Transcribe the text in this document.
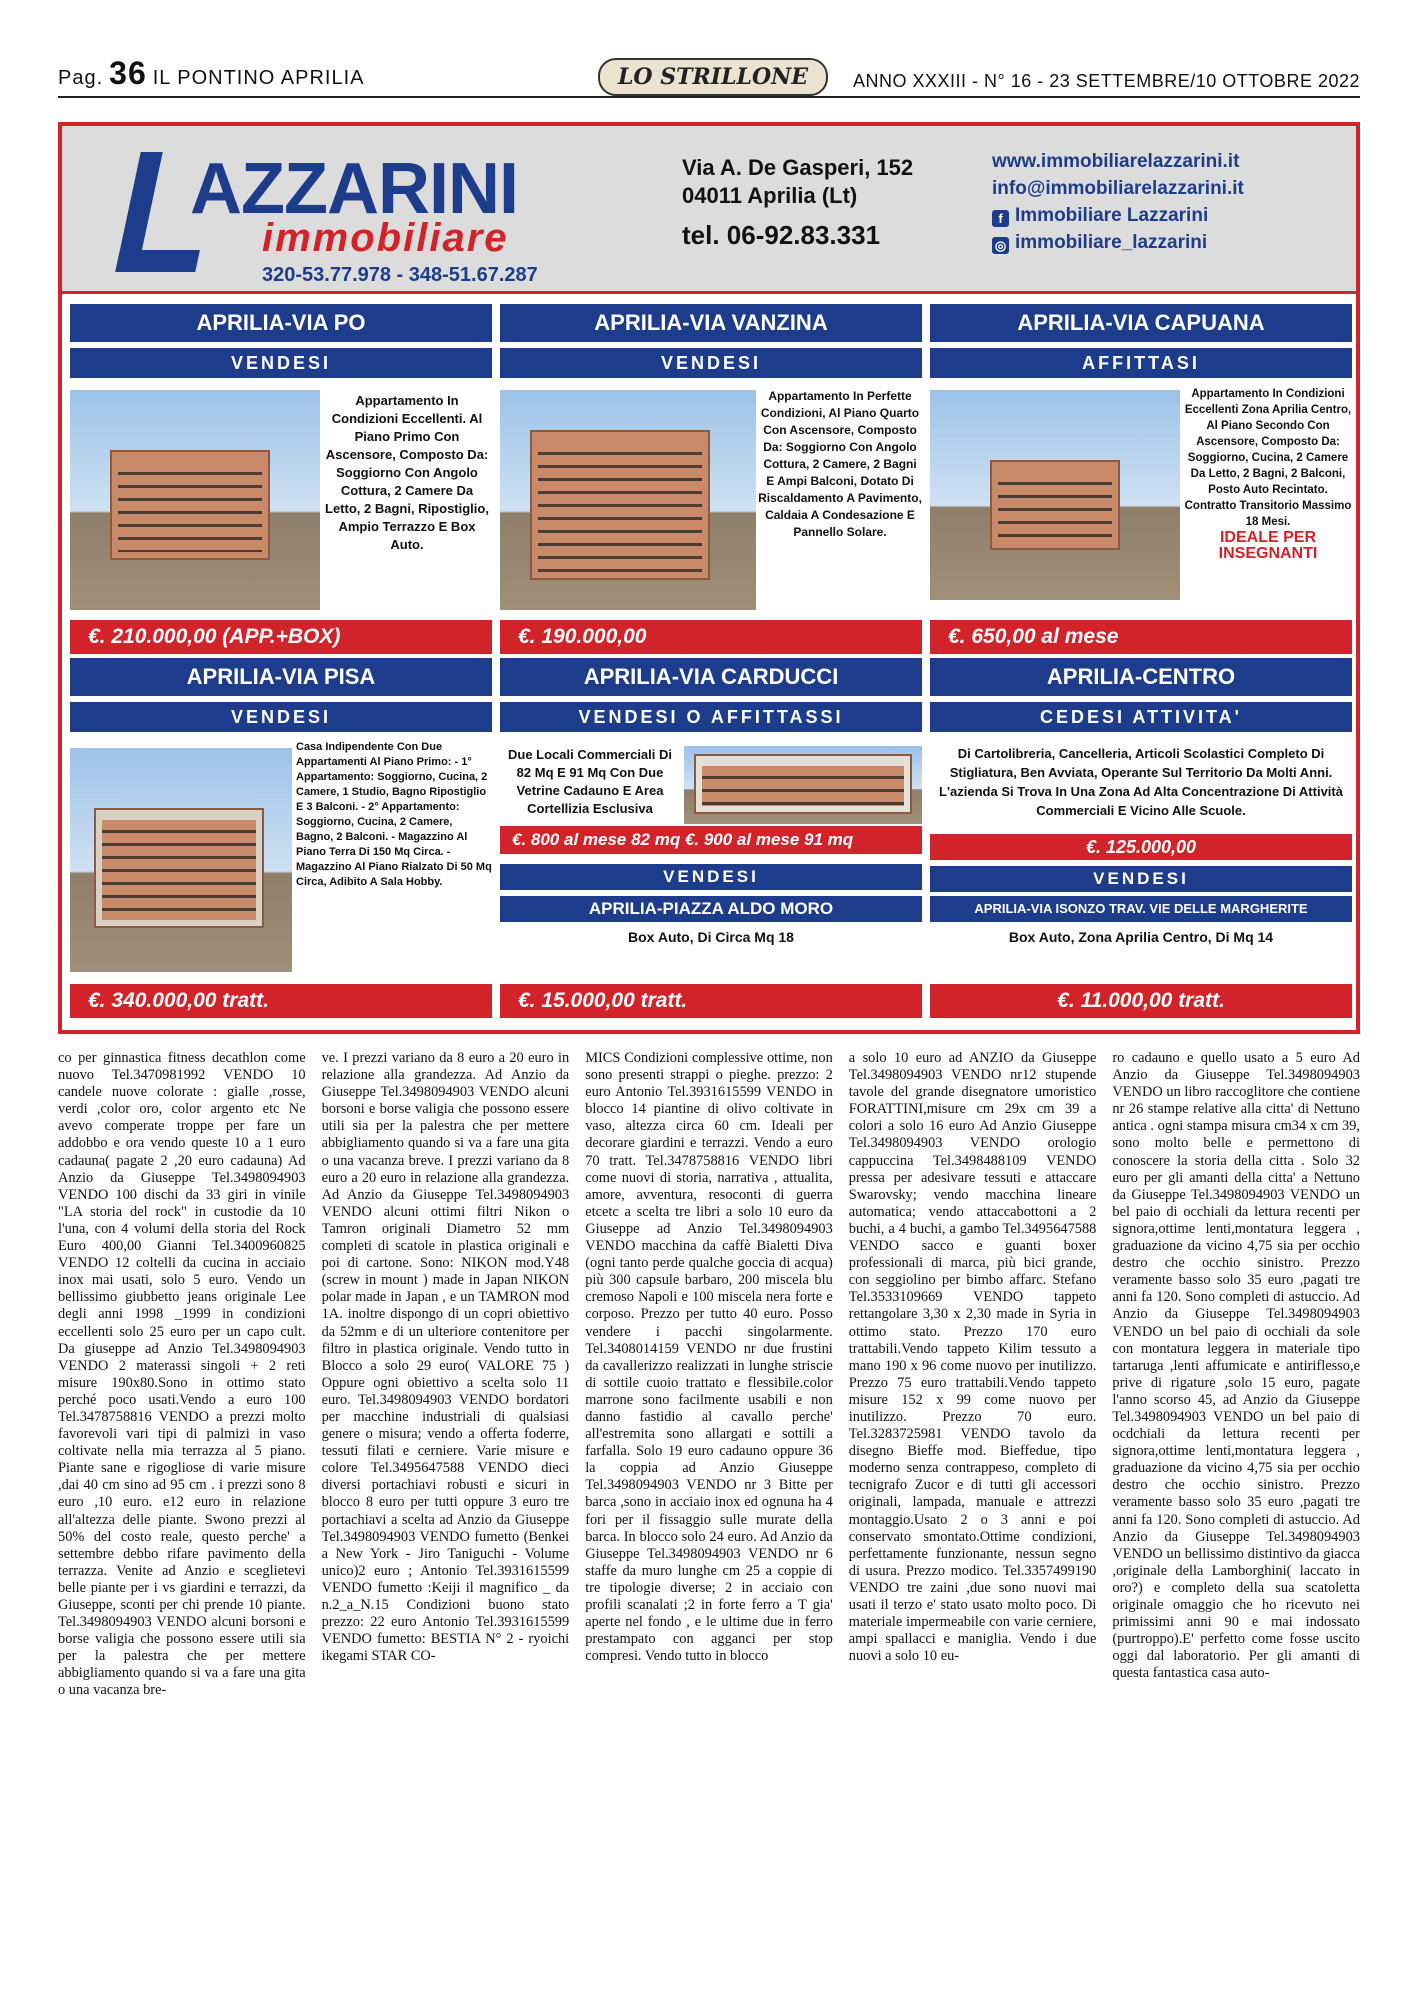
Pag. 36 IL PONTINO APRILIA	LO STRILLONE	ANNO XXXIII - N° 16 - 23 SETTEMBRE/10 OTTOBRE 2022
AZZARINI
immobiliare
320-53.77.978 - 348-51.67.287
Via A. De Gasperi, 152
04011 Aprilia (Lt)
tel. 06-92.83.331
www.immobiliarelazzarini.it
info@immobiliarelazzarini.it
f Immobiliare Lazzarini
◎ immobiliare_lazzarini
APRILIA-VIA PO
VENDESI
Appartamento In Condizioni Eccellenti. Al Piano Primo Con Ascensore, Composto Da: Soggiorno Con Angolo Cottura, 2 Camere Da Letto, 2 Bagni, Ripostiglio, Ampio Terrazzo E Box Auto.
€. 210.000,00 (APP.+BOX)
APRILIA-VIA VANZINA
VENDESI
Appartamento In Perfette Condizioni, Al Piano Quarto Con Ascensore, Composto Da: Soggiorno Con Angolo Cottura, 2 Camere, 2 Bagni E Ampi Balconi, Dotato Di Riscaldamento A Pavimento, Caldaia A Condesazione E Pannello Solare.
€. 190.000,00
APRILIA-VIA CAPUANA
AFFITTASI
Appartamento In Condizioni Eccellenti Zona Aprilia Centro, Al Piano Secondo Con Ascensore, Composto Da: Soggiorno, Cucina, 2 Camere Da Letto, 2 Bagni, 2 Balconi, Posto Auto Recintato. Contratto Transitorio Massimo 18 Mesi.
IDEALE PER INSEGNANTI
€. 650,00 al mese
APRILIA-VIA PISA
VENDESI
Casa Indipendente Con Due Appartamenti Al Piano Primo: - 1° Appartamento: Soggiorno, Cucina, 2 Camere, 1 Studio, Bagno Ripostiglio E 3 Balconi. - 2° Appartamento: Soggiorno, Cucina, 2 Camere, Bagno, 2 Balconi. - Magazzino Al Piano Terra Di 150 Mq Circa. - Magazzino Al Piano Rialzato Di 50 Mq Circa, Adibito A Sala Hobby.
€. 340.000,00 tratt.
APRILIA-VIA CARDUCCI
VENDESI O AFFITTASSI
Due Locali Commerciali Di 82 Mq E 91 Mq Con Due Vetrine Cadauno E Area Cortellizia Esclusiva
€. 800 al mese 82 mq €. 900 al mese 91 mq
VENDESI
APRILIA-PIAZZA ALDO MORO
Box Auto, Di Circa Mq 18
€. 15.000,00 tratt.
APRILIA-CENTRO
CEDESI ATTIVITA'
Di Cartolibreria, Cancelleria, Articoli Scolastici Completo Di Stigliatura, Ben Avviata, Operante Sul Territorio Da Molti Anni. L'azienda Si Trova In Una Zona Ad Alta Concentrazione Di Attività Commerciali E Vicino Alle Scuole.
€. 125.000,00
VENDESI
APRILIA-VIA ISONZO TRAV. VIE DELLE MARGHERITE
Box Auto, Zona Aprilia Centro, Di Mq 14
€. 11.000,00 tratt.

co per ginnastica fitness decathlon come nuovo Tel.3470981992 VENDO 10 candele nuove colorate : gialle ,rosse, verdi ,color oro, color argento etc Ne avevo comperate troppe per fare un addobbo e ora vendo queste 10 a 1 euro cadauna( pagate 2 ,20 euro cadauna) Ad Anzio da Giuseppe Tel.3498094903 VENDO 100 dischi da 33 giri in vinile "LA storia del rock" in custodie da 10 l'una, con 4 volumi della storia del Rock Euro 400,00 Gianni Tel.3400960825 VENDO 12 coltelli da cucina in acciaio inox mai usati, solo 5 euro. Vendo un bellissimo giubbetto jeans originale Lee degli anni 1998 _1999 in condizioni eccellenti solo 25 euro per un capo cult. Da giuseppe ad Anzio Tel.3498094903 VENDO 2 materassi singoli + 2 reti misure 190x80.Sono in ottimo stato perché poco usati.Vendo a euro 100 Tel.3478758816 VENDO a prezzi molto favorevoli vari tipi di palmizi in vaso coltivate nella mia terrazza al 5 piano. Piante sane e rigogliose di varie misure ,dai 40 cm sino ad 95 cm . i prezzi sono 8 euro ,10 euro. e12 euro in relazione all'altezza delle piante. Swono prezzi al 50% del costo reale, questo perche' a settembre debbo rifare pavimento della terrazza. Venite ad Anzio e sceglietevi belle piante per i vs giardini e terrazzi, da Giuseppe, sconti per chi prende 10 piante. Tel.3498094903 VENDO alcuni borsoni e borse valigia che possono essere utili sia per la palestra che per mettere abbigliamento quando si va a fare una gita o una vacanza bre-

ve. I prezzi variano da 8 euro a 20 euro in relazione alla grandezza. Ad Anzio da Giuseppe Tel.3498094903 VENDO alcuni borsoni e borse valigia che possono essere utili sia per la palestra che per mettere abbigliamento quando si va a fare una gita o una vacanza breve. I prezzi variano da 8 euro a 20 euro in relazione alla grandezza. Ad Anzio da Giuseppe Tel.3498094903 VENDO alcuni ottimi filtri Nikon o Tamron originali Diametro 52 mm completi di scatole in plastica originali e poi di cartone. Sono: NIKON mod.Y48 (screw in mount ) made in Japan NIKON polar made in Japan , e un TAMRON mod 1A. inoltre dispongo di un copri obiettivo da 52mm e di un ulteriore contenitore per filtro in plastica originale. Vendo tutto in Blocco a solo 29 euro( VALORE 75 ) Oppure ogni obiettivo a scelta solo 11 euro. Tel.3498094903 VENDO bordatori per macchine industriali di qualsiasi genere o misura; vendo a offerta foderre, tessuti filati e cerniere. Varie misure e colore Tel.3495647588 VENDO dieci diversi portachiavi robusti e sicuri in blocco 8 euro per tutti oppure 3 euro tre portachiavi a scelta ad Anzio da Giuseppe Tel.3498094903 VENDO fumetto (Benkei a New York - Jiro Taniguchi - Volume unico)2 euro ; Antonio Tel.3931615599 VENDO fumetto :Keiji il magnifico _ da n.2_a_N.15 Condizioni buono stato prezzo: 22 euro Antonio Tel.3931615599 VENDO fumetto: BESTIA N° 2 - ryoichi ikegami STAR CO-

MICS Condizioni complessive ottime, non sono presenti strappi o pieghe. prezzo: 2 euro Antonio Tel.3931615599 VENDO in blocco 14 piantine di olivo coltivate in vaso, altezza circa 60 cm. Ideali per decorare giardini e terrazzi. Vendo a euro 70 tratt. Tel.3478758816 VENDO libri come nuovi di storia, narrativa , attualita, amore, avventura, resoconti di guerra etcetc a scelta tre libri a solo 10 euro da Giuseppe ad Anzio Tel.3498094903 VENDO macchina da caffè Bialetti Diva (ogni tanto perde qualche goccia di acqua) più 300 capsule barbaro, 200 miscela blu cremoso Napoli e 100 miscela nera forte e corposo. Prezzo per tutto 40 euro. Posso vendere i pacchi singolarmente. Tel.3408014159 VENDO nr due frustini da cavallerizzo realizzati in lunghe striscie di sottile cuoio trattato e flessibile.color marrone sono facilmente usabili e non danno fastidio al cavallo perche' all'estremita sono allargati e sottili a farfalla. Solo 19 euro cadauno oppure 36 la coppia ad Anzio Giuseppe Tel.3498094903 VENDO nr 3 Bitte per barca ,sono in acciaio inox ed ognuna ha 4 fori per il fissaggio sulle murate della barca. In blocco solo 24 euro. Ad Anzio da Giuseppe Tel.3498094903 VENDO nr 6 staffe da muro lunghe cm 25 a coppie di tre tipologie diverse; 2 in acciaio con profili scanalati ;2 in forte ferro a T gia' aperte nel fondo , e le ultime due in ferro prestampato con agganci per stop compresi. Vendo tutto in blocco

a solo 10 euro ad ANZIO da Giuseppe Tel.3498094903 VENDO nr12 stupende tavole del grande disegnatore umoristico FORATTINI,misure cm 29x cm 39 a colori a solo 16 euro Ad Anzio Giuseppe Tel.3498094903 VENDO orologio cappuccina Tel.3498488109 VENDO pressa per adesivare tessuti e attaccare Swarovsky; vendo macchina lineare automatica; vendo attaccabottoni a 2 buchi, a 4 buchi, a gambo Tel.3495647588 VENDO sacco e guanti boxer professionali di marca, più bici grande, con seggiolino per bimbo affarc. Stefano Tel.3533109669 VENDO tappeto rettangolare 3,30 x 2,30 made in Syria in ottimo stato. Prezzo 170 euro trattabili.Vendo tappeto Kilim tessuto a mano 190 x 96 come nuovo per inutilizzo. Prezzo 75 euro trattabili.Vendo tappeto misure 152 x 99 come nuovo per inutilizzo. Prezzo 70 euro. Tel.3283725981 VENDO tavolo da disegno Bieffe mod. Bieffedue, tipo moderno senza contrappeso, completo di tecnigrafo Zucor e di tutti gli accessori originali, lampada, manuale e attrezzi montaggio.Usato 2 o 3 anni e poi conservato smontato.Ottime condizioni, perfettamente funzionante, nessun segno di usura. Prezzo modico. Tel.3357499190 VENDO tre zaini ,due sono nuovi mai usati il terzo e' stato usato molto poco. Di materiale impermeabile con varie cerniere, ampi spallacci e maniglia. Vendo i due nuovi a solo 10 eu-

ro cadauno e quello usato a 5 euro Ad Anzio da Giuseppe Tel.3498094903 VENDO un libro raccoglitore che contiene nr 26 stampe relative alla citta' di Nettuno antica . ogni stampa misura cm34 x cm 39, sono molto belle e permettono di conoscere la storia della citta . Solo 32 euro per gli amanti della citta' a Nettuno da Giuseppe Tel.3498094903 VENDO un bel paio di occhiali da lettura recenti per signora,ottime lenti,montatura leggera , graduazione da vicino 4,75 sia per occhio destro che occhio sinistro. Prezzo veramente basso solo 35 euro ,pagati tre anni fa 120. Sono completi di astuccio. Ad Anzio da Giuseppe Tel.3498094903 VENDO un bel paio di occhiali da sole con montatura leggera in materiale tipo tartaruga ,lenti affumicate e antiriflesso,e prive di rigature ,solo 15 euro, pagate l'anno scorso 45, ad Anzio da Giuseppe Tel.3498094903 VENDO un bel paio di ocdchiali da lettura recenti per signora,ottime lenti,montatura leggera , graduazione da vicino 4,75 sia per occhio destro che occhio sinistro. Prezzo veramente basso solo 35 euro ,pagati tre anni fa 120. Sono completi di astuccio. Ad Anzio da Giuseppe Tel.3498094903 VENDO un bellissimo distintivo da giacca ,originale della Lamborghini( laccato in oro?) e completo della sua scatoletta originale omaggio che ho ricevuto nei primissimi anni 90 e mai indossato (purtroppo).E' perfetto come fosse uscito oggi dal laboratorio. Per gli amanti di questa fantastica casa auto-
